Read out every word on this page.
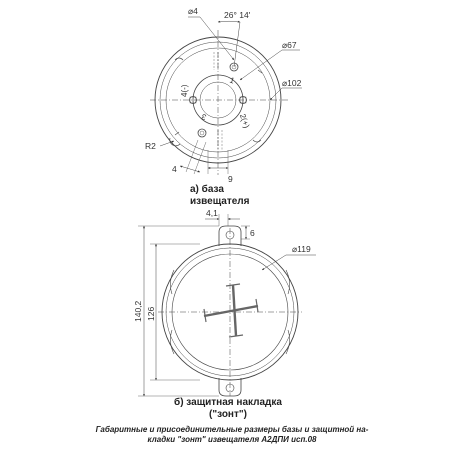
⌀4	26° 14'
⌀67
⌀102
R2
4
9
1
2(+)
3
4(-)
4,1
6
⌀119
140,2 126
а) база
извещателя
б) защитная накладка
("зонт")
Габаритные и присоединительные размеры базы и защитной на-
кладки "зонт" извещателя А2ДПИ исп.08
